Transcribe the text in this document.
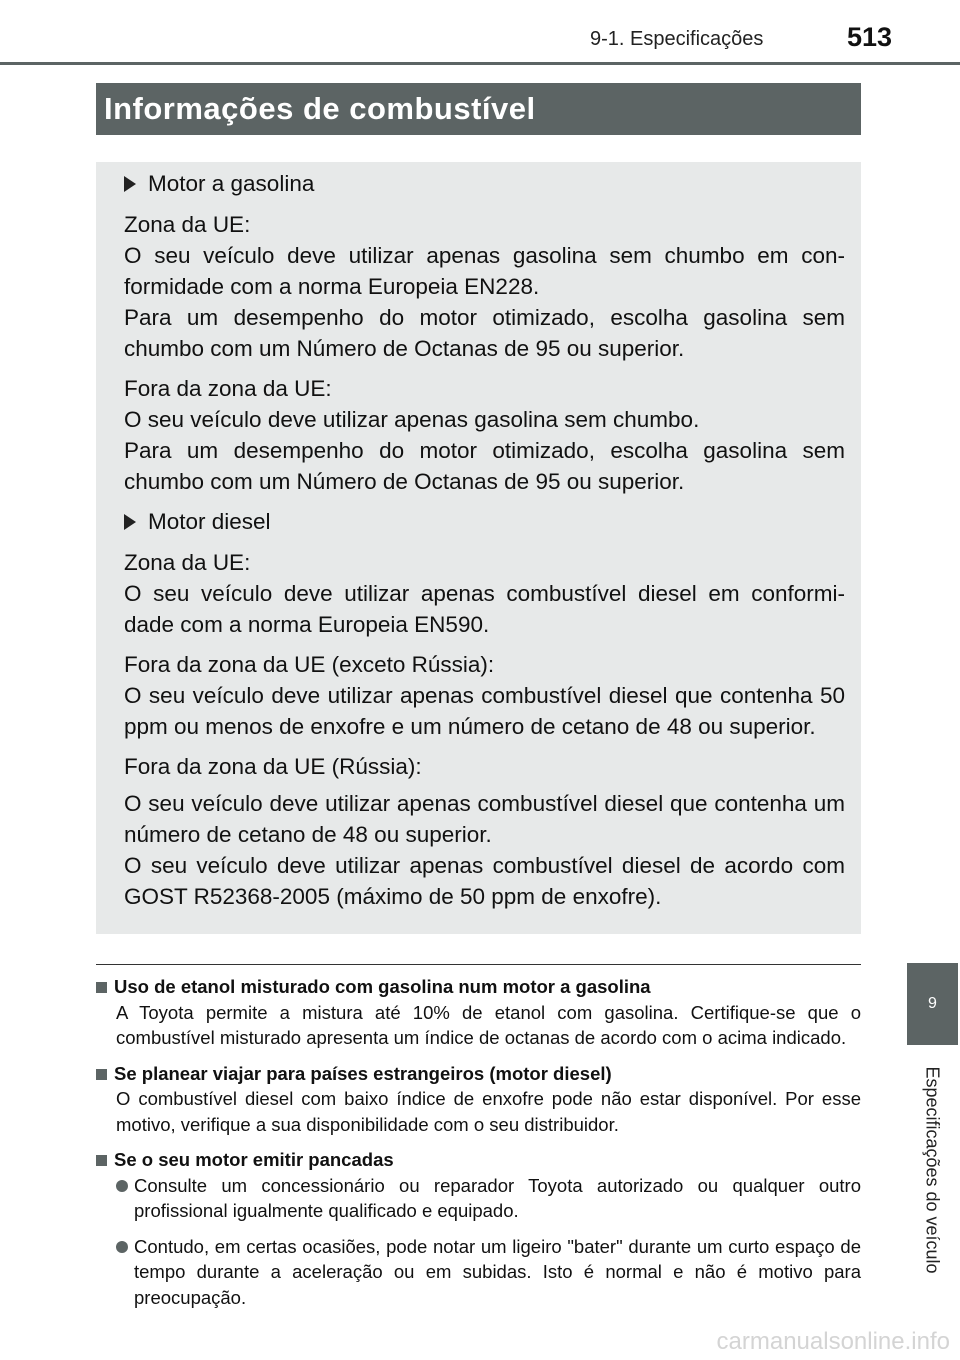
9-1. Especificações	513
Informações de combustível

Motor a gasolina

Zona da UE:
O seu veículo deve utilizar apenas gasolina sem chumbo em con-formidade com a norma Europeia EN228.
Para um desempenho do motor otimizado, escolha gasolina sem chumbo com um Número de Octanas de 95 ou superior.
Fora da zona da UE:
O seu veículo deve utilizar apenas gasolina sem chumbo.
Para um desempenho do motor otimizado, escolha gasolina sem chumbo com um Número de Octanas de 95 ou superior.

Motor diesel

Zona da UE:
O seu veículo deve utilizar apenas combustível diesel em conformi-dade com a norma Europeia EN590.
Fora da zona da UE (exceto Rússia):
O seu veículo deve utilizar apenas combustível diesel que contenha 50 ppm ou menos de enxofre e um número de cetano de 48 ou superior.
Fora da zona da UE (Rússia):
O seu veículo deve utilizar apenas combustível diesel que contenha um número de cetano de 48 ou superior.
O seu veículo deve utilizar apenas combustível diesel de acordo com GOST R52368-2005 (máximo de 50 ppm de enxofre).
Uso de etanol misturado com gasolina num motor a gasolina
A Toyota permite a mistura até 10% de etanol com gasolina. Certifique-se que o combustível misturado apresenta um índice de octanas de acordo com o acima indicado.
Se planear viajar para países estrangeiros (motor diesel)
O combustível diesel com baixo índice de enxofre pode não estar disponível. Por esse motivo, verifique a sua disponibilidade com o seu distribuidor.
Se o seu motor emitir pancadas
Consulte um concessionário ou reparador Toyota autorizado ou qualquer outro profissional igualmente qualificado e equipado.
Contudo, em certas ocasiões, pode notar um ligeiro "bater" durante um curto espaço de tempo durante a aceleração ou em subidas. Isto é normal e não é motivo para preocupação.
9
Especificações do veículo
carmanualsonline.info
